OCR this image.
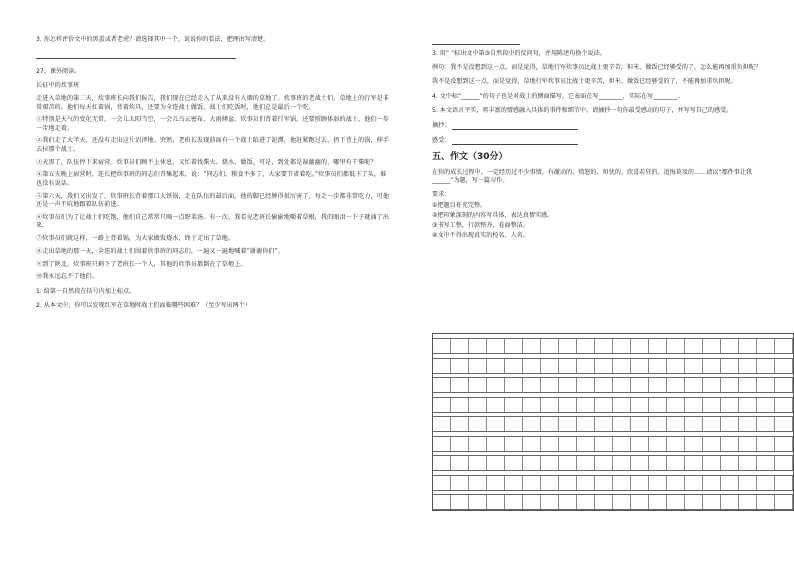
3. 你怎样评价文中的黑蛋或者老虎？请选择其中一个，说说你的看法，把理由写清楚。

27、课外阅读。

长征中的炊事班

走进入草地的第二天，炊事班长向我们报告，我们现在已经走入了从来没有人烟的草地了。炊事班的老战士们，草地上的行军是非常艰苦的。他们每天扛着锅，背着炊具，还要为全连战士做饭。战士们吃饭时，他们总是最后一个吃。

①特别是天气的变化无常，一会儿太阳当空，一会儿乌云密布，大雨倾盆。炊事员们背着行军锅，还要照顾体弱的战士，他们一步一步地走着。

②我们走了大半天，还没有走出这片沼泽地。突然，老班长发现前面有一个战士陷进了泥潭，他赶紧跑过去，扔下背上的锅，伸手去拉那个战士。

③天黑了，队伍停下来宿营。炊事员们顾不上休息，又忙着找柴火、烧水、做饭。可是，到处都是湿漉漉的，哪里有干柴呢？

④第五天晚上宿营时，连长把炊事班的同志们召集起来，说：“同志们，粮食不多了，大家要节省着吃。”炊事员们都低下了头，谁也没有说话。

⑤第六天，我们又出发了，炊事班长背着那口大铁锅，走在队伍的最后面。他的脚已经肿得很厉害了，每走一步都非常吃力，可他还是一声不吭地跟着队伍前进。

⑥炊事员们为了让战士们吃饱，他们自己常常只喝一点野菜汤。有一次，我看见老班长偷偷地嚼着草根，我的眼泪一下子就涌了出来。

⑦炊事员们就这样，一路上背着锅，为大家做饭烧水，终于走出了草地。

⑧走出草地的那一天，全连的战士们围着炊事班的同志们，一遍又一遍地喊着“谢谢你们”。

⑨到了陕北，炊事班只剩下了老班长一个人，其他的炊事员都倒在了草地上。

⑩我永远忘不了他们。

1. 给第一自然段在括号内加上标点。

2. 从本文中，你可以发现红军在草地时战士们面临哪些困难？（至少写出两个）

3. 用“ ”标出文中第③自然段中的反问句，并用陈述句换个说法。

例句：我不是没想到这一点，而是觉得，草地行军炊事员比战士更辛苦，担米、做饭已经够受的了，怎么能再加重负担呢？

我不是没想到这一点，而是觉得，草地行军炊事员比战士更辛苦，担米、做饭已经够受的了，不能再加重负担呢。

4. 文中标“______”的句子也是对战士的侧面描写，它表面在写________，实际在写________。

5. 本文语言平实，将丰富的情感融入具体的事件和细节中。请摘抄一句你最受感动的句子，并写写自己的感受。

摘抄：
感受：
五、作文（30分）

在你的成长过程中，一定经历过不少事情，有激动的、愤怒的、担忧的、欣喜若狂的、追悔莫及的……请以“那件事让我______”为题，写一篇习作。

要求：

①把题目补充完整。

②把印象深刻的内容写具体，表达真情实感。

③书写工整，行款整齐，卷面整洁。

④文中不得出现真实的校名、人名。
